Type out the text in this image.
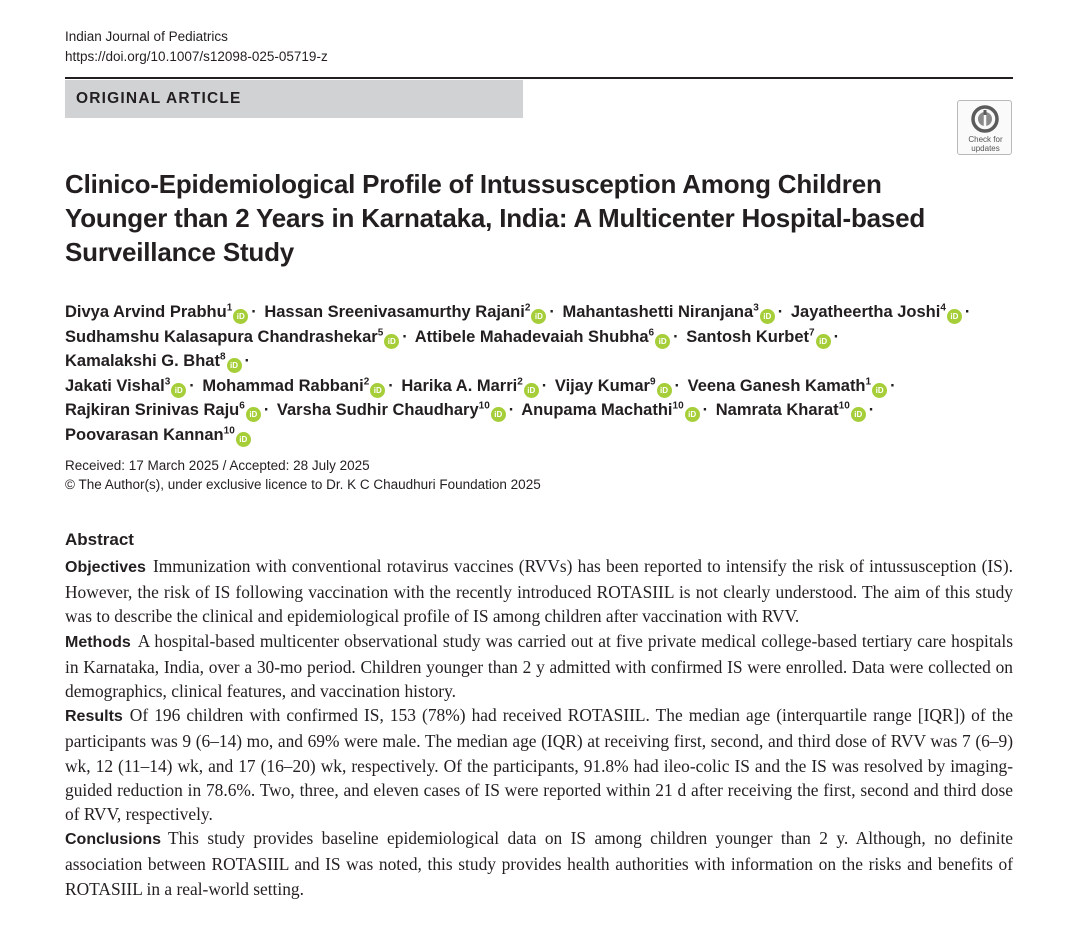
Indian Journal of Pediatrics
https://doi.org/10.1007/s12098-025-05719-z
ORIGINAL ARTICLE
Check for
updates
Clinico-Epidemiological Profile of Intussusception Among Children Younger than 2 Years in Karnataka, India: A Multicenter Hospital-based Surveillance Study
Divya Arvind Prabhu$^1$iD · Hassan Sreenivasamurthy Rajani$^2$iD · Mahantashetti Niranjana$^3$iD · Jayatheertha Joshi$^4$iD ·
Sudhamshu Kalasapura Chandrashekar$^5$iD · Attibele Mahadevaiah Shubha$^6$iD · Santosh Kurbet$^7$iD · Kamalakshi G. Bhat$^8$iD ·
Jakati Vishal$^3$iD · Mohammad Rabbani$^2$iD · Harika A. Marri$^2$iD · Vijay Kumar$^9$iD · Veena Ganesh Kamath$^1$iD ·
Rajkiran Srinivas Raju$^6$iD · Varsha Sudhir Chaudhary$^{10}$iD · Anupama Machathi$^{10}$iD · Namrata Kharat$^{10}$iD ·
Poovarasan Kannan$^{10}$iD
Received: 17 March 2025 / Accepted: 28 July 2025
© The Author(s), under exclusive licence to Dr. K C Chaudhuri Foundation 2025
Abstract

Objectives Immunization with conventional rotavirus vaccines (RVVs) has been reported to intensify the risk of intussusception (IS). However, the risk of IS following vaccination with the recently introduced ROTASIIL is not clearly understood. The aim of this study was to describe the clinical and epidemiological profile of IS among children after vaccination with RVV.

Methods A hospital-based multicenter observational study was carried out at five private medical college-based tertiary care hospitals in Karnataka, India, over a 30-mo period. Children younger than 2 y admitted with confirmed IS were enrolled. Data were collected on demographics, clinical features, and vaccination history.

Results Of 196 children with confirmed IS, 153 (78%) had received ROTASIIL. The median age (interquartile range [IQR]) of the participants was 9 (6–14) mo, and 69% were male. The median age (IQR) at receiving first, second, and third dose of RVV was 7 (6–9) wk, 12 (11–14) wk, and 17 (16–20) wk, respectively. Of the participants, 91.8% had ileo-colic IS and the IS was resolved by imaging-guided reduction in 78.6%. Two, three, and eleven cases of IS were reported within 21 d after receiving the first, second and third dose of RVV, respectively.

Conclusions This study provides baseline epidemiological data on IS among children younger than 2 y. Although, no definite association between ROTASIIL and IS was noted, this study provides health authorities with information on the risks and benefits of ROTASIIL in a real-world setting.
